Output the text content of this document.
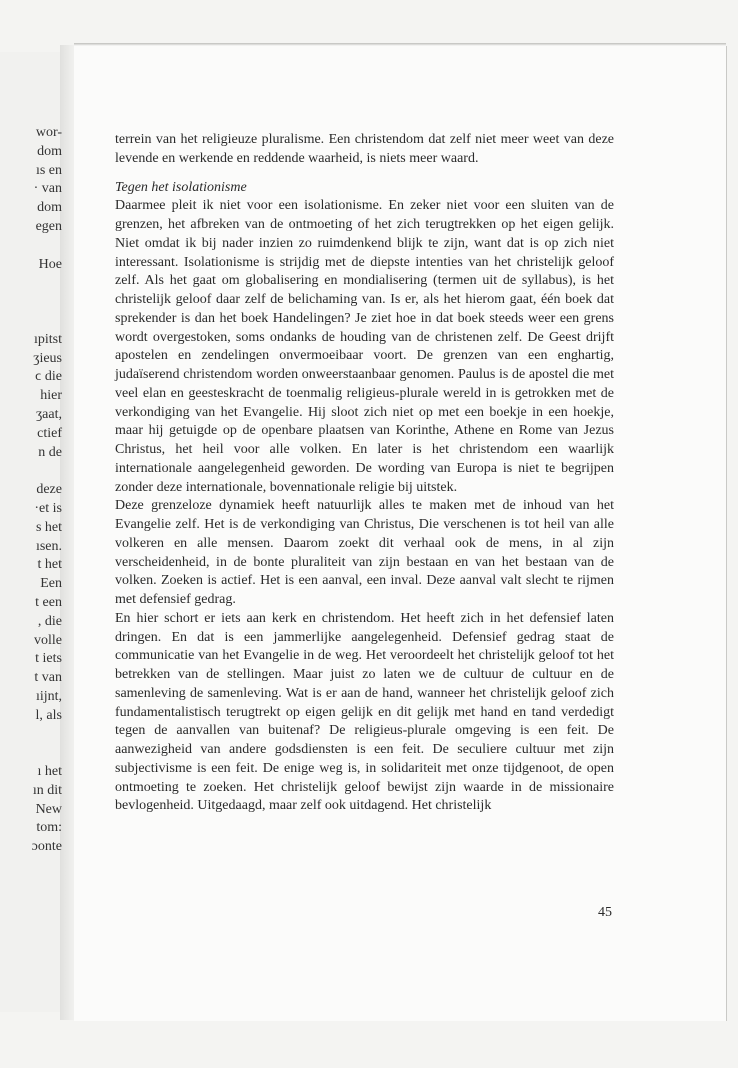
wor-
dom
ıs en
· van
dom
egen
Hoe
ıpitst
ʒieus
ϲ die
hier
ʒaat,
ctief
n de
deze
·et is
s het
ısen.
t het
Een
t een
, die
volle
t iets
t van
ıijnt,
l, als
ı het
ın dit
New
tom:
ɔonte

terrein van het religieuze pluralisme. Een christendom dat zelf niet meer weet van deze levende en werkende en reddende waarheid, is niets meer waard.

Tegen het isolationisme

Daarmee pleit ik niet voor een isolationisme. En zeker niet voor een sluiten van de grenzen, het afbreken van de ontmoeting of het zich terugtrekken op het eigen gelijk. Niet omdat ik bij nader inzien zo ruimdenkend blijk te zijn, want dat is op zich niet interessant. Isolationisme is strijdig met de diepste intenties van het christelijk geloof zelf. Als het gaat om globalisering en mondialisering (termen uit de syllabus), is het christelijk geloof daar zelf de belichaming van. Is er, als het hierom gaat, één boek dat sprekender is dan het boek Handelingen? Je ziet hoe in dat boek steeds weer een grens wordt overgestoken, soms ondanks de houding van de christenen zelf. De Geest drijft apostelen en zendelingen onvermoeibaar voort. De grenzen van een enghartig, judaïserend christendom worden onweerstaanbaar genomen. Paulus is de apostel die met veel elan en geesteskracht de toenmalig religieus-plurale wereld in is getrokken met de verkondiging van het Evangelie. Hij sloot zich niet op met een boekje in een hoekje, maar hij getuigde op de openbare plaatsen van Korinthe, Athene en Rome van Jezus Christus, het heil voor alle volken. En later is het christendom een waarlijk internationale aangelegenheid geworden. De wording van Europa is niet te begrijpen zonder deze internationale, bovennationale religie bij uitstek.

Deze grenzeloze dynamiek heeft natuurlijk alles te maken met de inhoud van het Evangelie zelf. Het is de verkondiging van Christus, Die verschenen is tot heil van alle volkeren en alle mensen. Daarom zoekt dit verhaal ook de mens, in al zijn verscheidenheid, in de bonte pluraliteit van zijn bestaan en van het bestaan van de volken. Zoeken is actief. Het is een aanval, een inval. Deze aanval valt slecht te rijmen met defensief gedrag.

En hier schort er iets aan kerk en christendom. Het heeft zich in het defensief laten dringen. En dat is een jammerlijke aangelegenheid. Defensief gedrag staat de communicatie van het Evangelie in de weg. Het veroordeelt het christelijk geloof tot het betrekken van de stellingen. Maar juist zo laten we de cultuur de cultuur en de samenleving de samenleving. Wat is er aan de hand, wanneer het christelijk geloof zich fundamentalistisch terugtrekt op eigen gelijk en dit gelijk met hand en tand verdedigt tegen de aanvallen van buitenaf? De religieus-plurale omgeving is een feit. De aanwezigheid van andere godsdiensten is een feit. De seculiere cultuur met zijn subjectivisme is een feit. De enige weg is, in solidariteit met onze tijdgenoot, de open ontmoeting te zoeken. Het christelijk geloof bewijst zijn waarde in de missionaire bevlogenheid. Uitgedaagd, maar zelf ook uitdagend. Het christelijk

45
